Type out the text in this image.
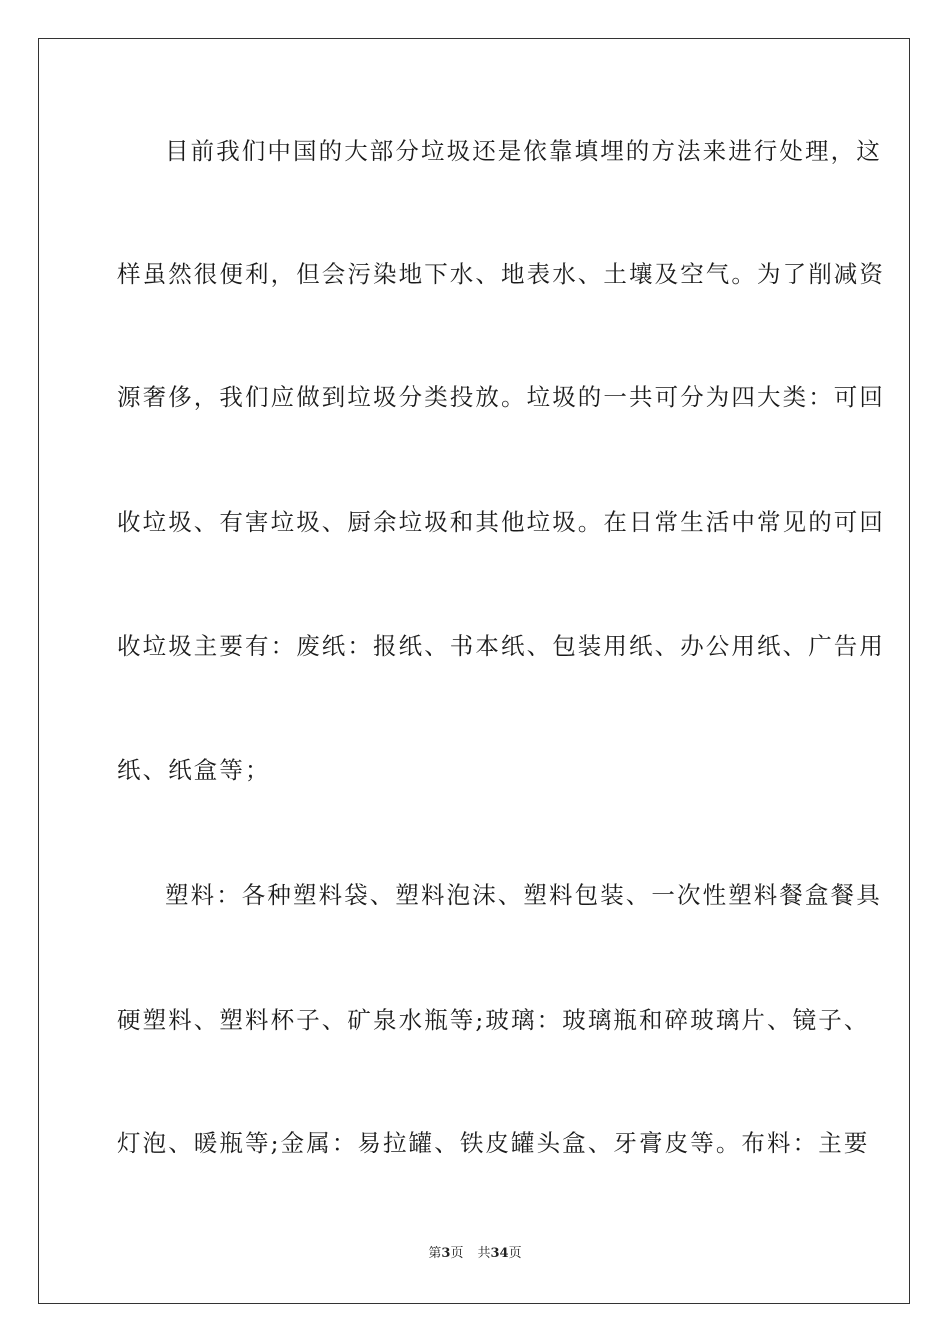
目前我们中国的大部分垃圾还是依靠填埋的方法来进行处理，这
样虽然很便利，但会污染地下水、地表水、土壤及空气。为了削减资
源奢侈，我们应做到垃圾分类投放。垃圾的一共可分为四大类：可回
收垃圾、有害垃圾、厨余垃圾和其他垃圾。在日常生活中常见的可回
收垃圾主要有：废纸：报纸、书本纸、包装用纸、办公用纸、广告用
纸、纸盒等；
塑料：各种塑料袋、塑料泡沫、塑料包装、一次性塑料餐盒餐具
硬塑料、塑料杯子、矿泉水瓶等;玻璃：玻璃瓶和碎玻璃片、镜子、
灯泡、暖瓶等;金属：易拉罐、铁皮罐头盒、牙膏皮等。布料：主要
第3页 共34页
